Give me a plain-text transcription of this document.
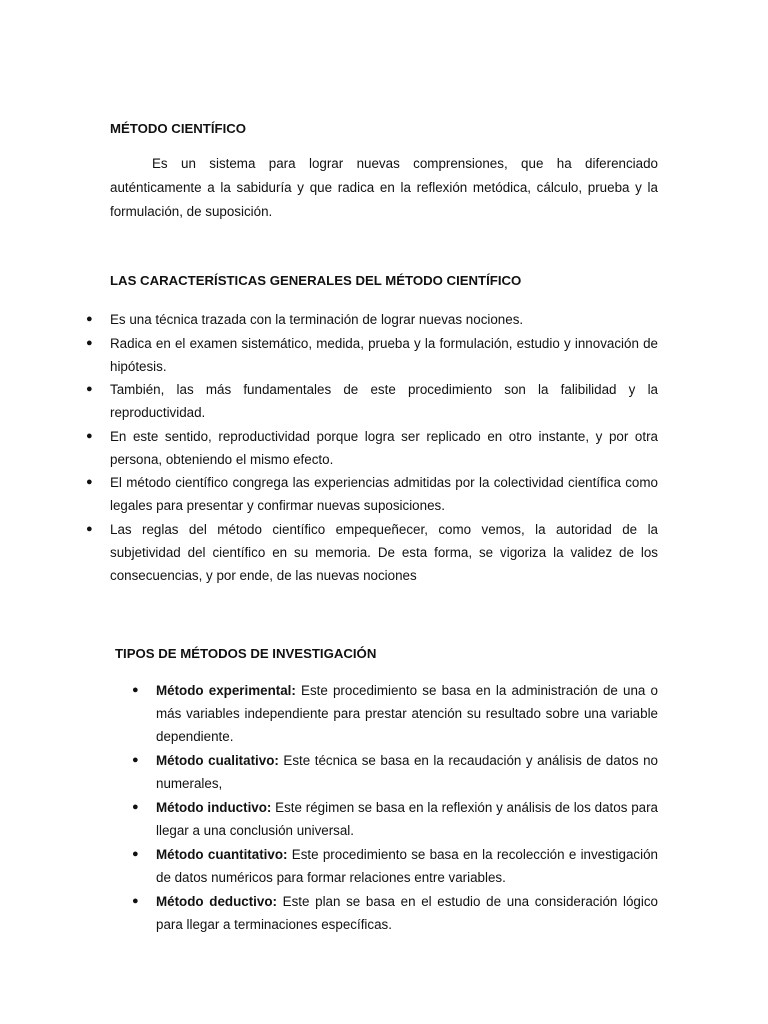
MÉTODO CIENTÍFICO

Es un sistema para lograr nuevas comprensiones, que ha diferenciado auténticamente a la sabiduría y que radica en la reflexión metódica, cálculo, prueba y la formulación, de suposición.

LAS CARACTERÍSTICAS GENERALES DEL MÉTODO CIENTÍFICO
● Es una técnica trazada con la terminación de lograr nuevas nociones.
● Radica en el examen sistemático, medida, prueba y la formulación, estudio y innovación de hipótesis.
● También, las más fundamentales de este procedimiento son la falibilidad y la reproductividad.
● En este sentido, reproductividad porque logra ser replicado en otro instante, y por otra persona, obteniendo el mismo efecto.
● El método científico congrega las experiencias admitidas por la colectividad científica como legales para presentar y confirmar nuevas suposiciones.
● Las reglas del método científico empequeñecer, como vemos, la autoridad de la subjetividad del científico en su memoria. De esta forma, se vigoriza la validez de los consecuencias, y por ende, de las nuevas nociones
TIPOS DE MÉTODOS DE INVESTIGACIÓN
● Método experimental: Este procedimiento se basa en la administración de una o más variables independiente para prestar atención su resultado sobre una variable dependiente.
● Método cualitativo: Este técnica se basa en la recaudación y análisis de datos no numerales,
● Método inductivo: Este régimen se basa en la reflexión y análisis de los datos para llegar a una conclusión universal.
● Método cuantitativo: Este procedimiento se basa en la recolección e investigación de datos numéricos para formar relaciones entre variables.
● Método deductivo: Este plan se basa en el estudio de una consideración lógico para llegar a terminaciones específicas.
